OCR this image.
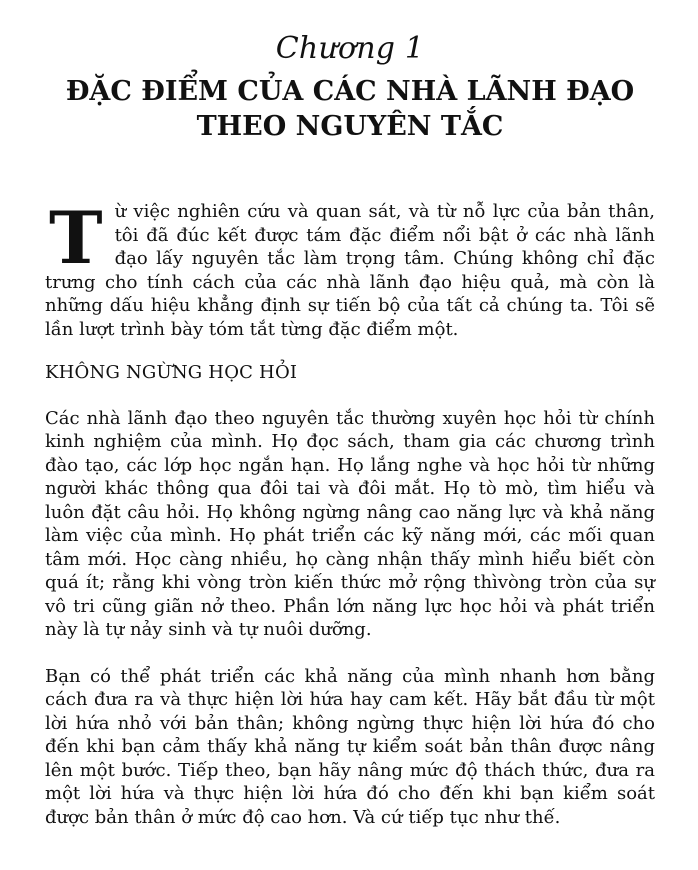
Chương 1
ĐẶC ĐIỂM CỦA CÁC NHÀ LÃNH ĐẠO
THEO NGUYÊN TẮC

Từ việc nghiên cứu và quan sát, và từ nỗ lực của bản thân, tôi đã đúc kết được tám đặc điểm nổi bật ở các nhà lãnh đạo lấy nguyên tắc làm trọng tâm. Chúng không chỉ đặc trưng cho tính cách của các nhà lãnh đạo hiệu quả, mà còn là những dấu hiệu khẳng định sự tiến bộ của tất cả chúng ta. Tôi sẽ lần lượt trình bày tóm tắt từng đặc điểm một.

KHÔNG NGỪNG HỌC HỎI

Các nhà lãnh đạo theo nguyên tắc thường xuyên học hỏi từ chính kinh nghiệm của mình. Họ đọc sách, tham gia các chương trình đào tạo, các lớp học ngắn hạn. Họ lắng nghe và học hỏi từ những người khác thông qua đôi tai và đôi mắt. Họ tò mò, tìm hiểu và luôn đặt câu hỏi. Họ không ngừng nâng cao năng lực và khả năng làm việc của mình. Họ phát triển các kỹ năng mới, các mối quan tâm mới. Học càng nhiều, họ càng nhận thấy mình hiểu biết còn quá ít; rằng khi vòng tròn kiến thức mở rộng thìvòng tròn của sự vô tri cũng giãn nở theo. Phần lớn năng lực học hỏi và phát triển này là tự nảy sinh và tự nuôi dưỡng.

Bạn có thể phát triển các khả năng của mình nhanh hơn bằng cách đưa ra và thực hiện lời hứa hay cam kết. Hãy bắt đầu từ một lời hứa nhỏ với bản thân; không ngừng thực hiện lời hứa đó cho đến khi bạn cảm thấy khả năng tự kiểm soát bản thân được nâng lên một bước. Tiếp theo, bạn hãy nâng mức độ thách thức, đưa ra một lời hứa và thực hiện lời hứa đó cho đến khi bạn kiểm soát được bản thân ở mức độ cao hơn. Và cứ tiếp tục như thế.
